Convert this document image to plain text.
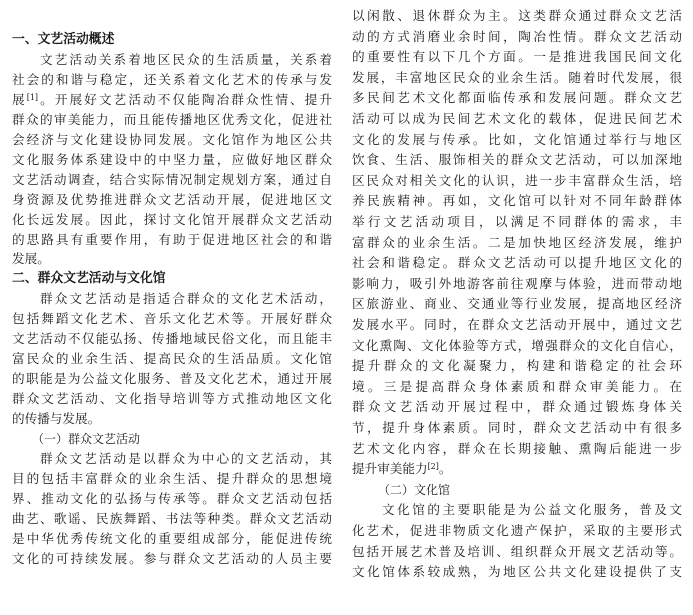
一、文艺活动概述
文艺活动关系着地区民众的生活质量，关系着
社会的和谐与稳定，还关系着文化艺术的传承与发
展[1]。开展好文艺活动不仅能陶冶群众性情、提升
群众的审美能力，而且能传播地区优秀文化，促进社
会经济与文化建设协同发展。文化馆作为地区公共
文化服务体系建设中的中坚力量，应做好地区群众
文艺活动调查，结合实际情况制定规划方案，通过自
身资源及优势推进群众文艺活动开展，促进地区文
化长远发展。因此，探讨文化馆开展群众文艺活动
的思路具有重要作用，有助于促进地区社会的和谐
发展。
二、群众文艺活动与文化馆
群众文艺活动是指适合群众的文化艺术活动，
包括舞蹈文化艺术、音乐文化艺术等。开展好群众
文艺活动不仅能弘扬、传播地域民俗文化，而且能丰
富民众的业余生活、提高民众的生活品质。文化馆
的职能是为公益文化服务、普及文化艺术，通过开展
群众文艺活动、文化指导培训等方式推动地区文化
的传播与发展。
（一）群众文艺活动
群众文艺活动是以群众为中心的文艺活动，其
目的包括丰富群众的业余生活、提升群众的思想境
界、推动文化的弘扬与传承等。群众文艺活动包括
曲艺、歌谣、民族舞蹈、书法等种类。群众文艺活动
是中华优秀传统文化的重要组成部分，能促进传统
文化的可持续发展。参与群众文艺活动的人员主要
以闲散、退休群众为主。这类群众通过群众文艺活
动的方式消磨业余时间，陶冶性情。群众文艺活动
的重要性有以下几个方面。一是推进我国民间文化
发展，丰富地区民众的业余生活。随着时代发展，很
多民间艺术文化都面临传承和发展问题。群众文艺
活动可以成为民间艺术文化的载体，促进民间艺术
文化的发展与传承。比如，文化馆通过举行与地区
饮食、生活、服饰相关的群众文艺活动，可以加深地
区民众对相关文化的认识，进一步丰富群众生活，培
养民族精神。再如，文化馆可以针对不同年龄群体
举行文艺活动项目，以满足不同群体的需求，丰
富群众的业余生活。二是加快地区经济发展，维护
社会和谐稳定。群众文艺活动可以提升地区文化的
影响力，吸引外地游客前往观摩与体验，进而带动地
区旅游业、商业、交通业等行业发展，提高地区经济
发展水平。同时，在群众文艺活动开展中，通过文艺
文化熏陶、文化体验等方式，增强群众的文化自信心，
提升群众的文化凝聚力，构建和谐稳定的社会环
境。三是提高群众身体素质和群众审美能力。在
群众文艺活动开展过程中，群众通过锻炼身体关
节，提升身体素质。同时，群众文艺活动中有很多
艺术文化内容，群众在长期接触、熏陶后能进一步
提升审美能力[2]。
（二）文化馆
文化馆的主要职能是为公益文化服务，普及文
化艺术，促进非物质文化遗产保护，采取的主要形式
包括开展艺术普及培训、组织群众开展文艺活动等。
文化馆体系较成熟，为地区公共文化建设提供了支
